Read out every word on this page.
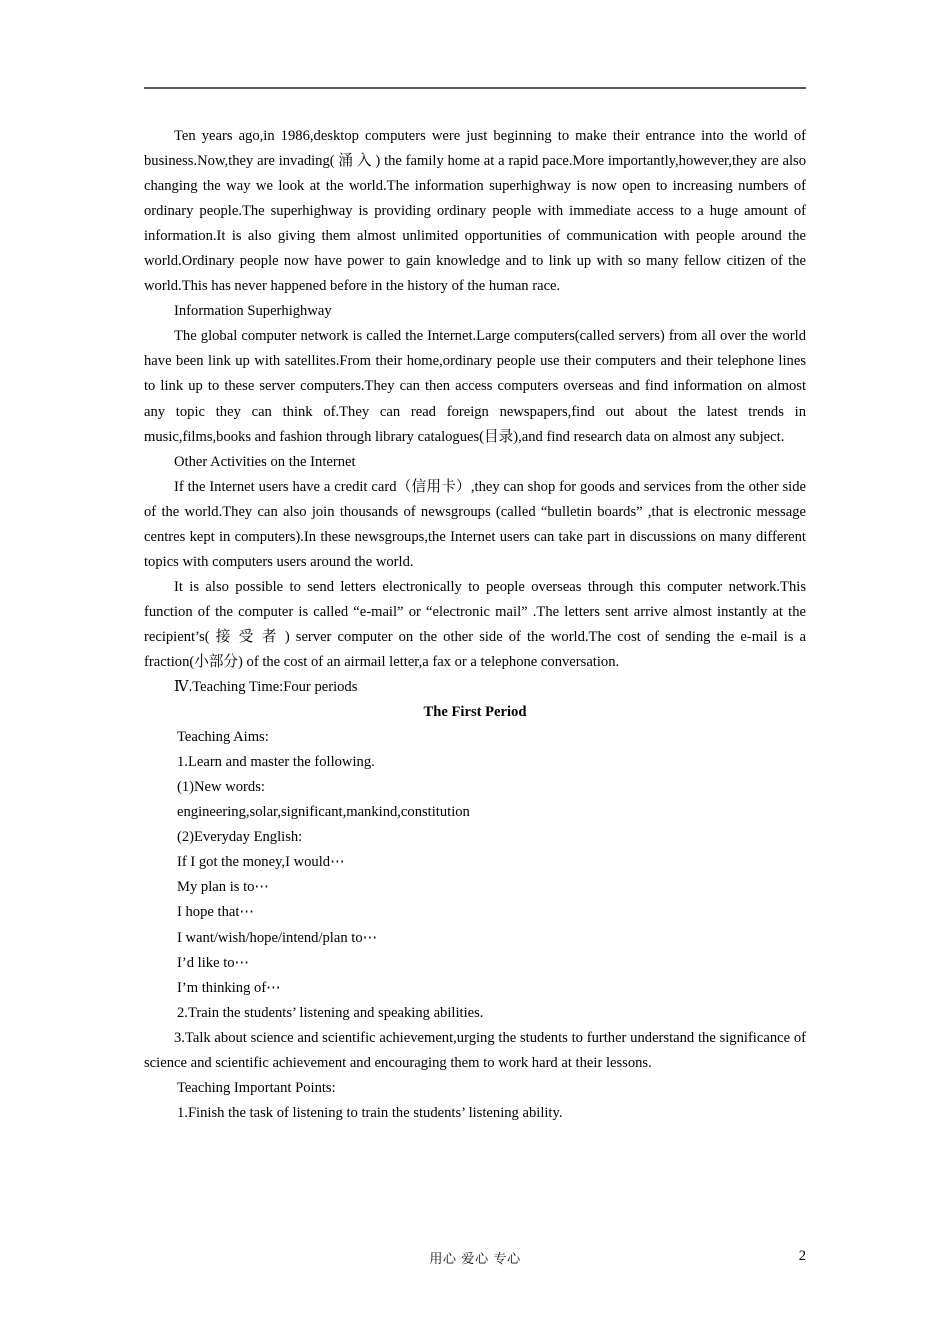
Ten years ago,in 1986,desktop computers were just beginning to make their entrance into the world of business.Now,they are invading( 涌 入 ) the family home at a rapid pace.More importantly,however,they are also changing the way we look at the world.The information superhighway is now open to increasing numbers of ordinary people.The superhighway is providing ordinary people with immediate access to a huge amount of information.It is also giving them almost unlimited opportunities of communication with people around the world.Ordinary people now have power to gain knowledge and to link up with so many fellow citizen of the world.This has never happened before in the history of the human race.

Information Superhighway

The global computer network is called the Internet.Large computers(called servers) from all over the world have been link up with satellites.From their home,ordinary people use their computers and their telephone lines to link up to these server computers.They can then access computers overseas and find information on almost any topic they can think of.They can read foreign newspapers,find out about the latest trends in music,films,books and fashion through library catalogues(目录),and find research data on almost any subject.

Other Activities on the Internet

If the Internet users have a credit card（信用卡）,they can shop for goods and services from the other side of the world.They can also join thousands of newsgroups (called “bulletin boards” ,that is electronic message centres kept in computers).In these newsgroups,the Internet users can take part in discussions on many different topics with computers users around the world.

It is also possible to send letters electronically to people overseas through this computer network.This function of the computer is called “e-mail” or “electronic mail” .The letters sent arrive almost instantly at the recipient’s( 接 受 者 ) server computer on the other side of the world.The cost of sending the e-mail is a fraction(小部分) of the cost of an airmail letter,a fax or a telephone conversation.

Ⅳ.Teaching Time:Four periods

The First Period

Teaching Aims:

1.Learn and master the following.

(1)New words:

engineering,solar,significant,mankind,constitution

(2)Everyday English:

If I got the money,I would⋯

My plan is to⋯

I hope that⋯

I want/wish/hope/intend/plan to⋯

I’d like to⋯

I’m thinking of⋯

2.Train the students’ listening and speaking abilities.

3.Talk about science and scientific achievement,urging the students to further understand the significance of science and scientific achievement and encouraging them to work hard at their lessons.

Teaching Important Points:

1.Finish the task of listening to train the students’ listening ability.

用心 爱心 专心	2
